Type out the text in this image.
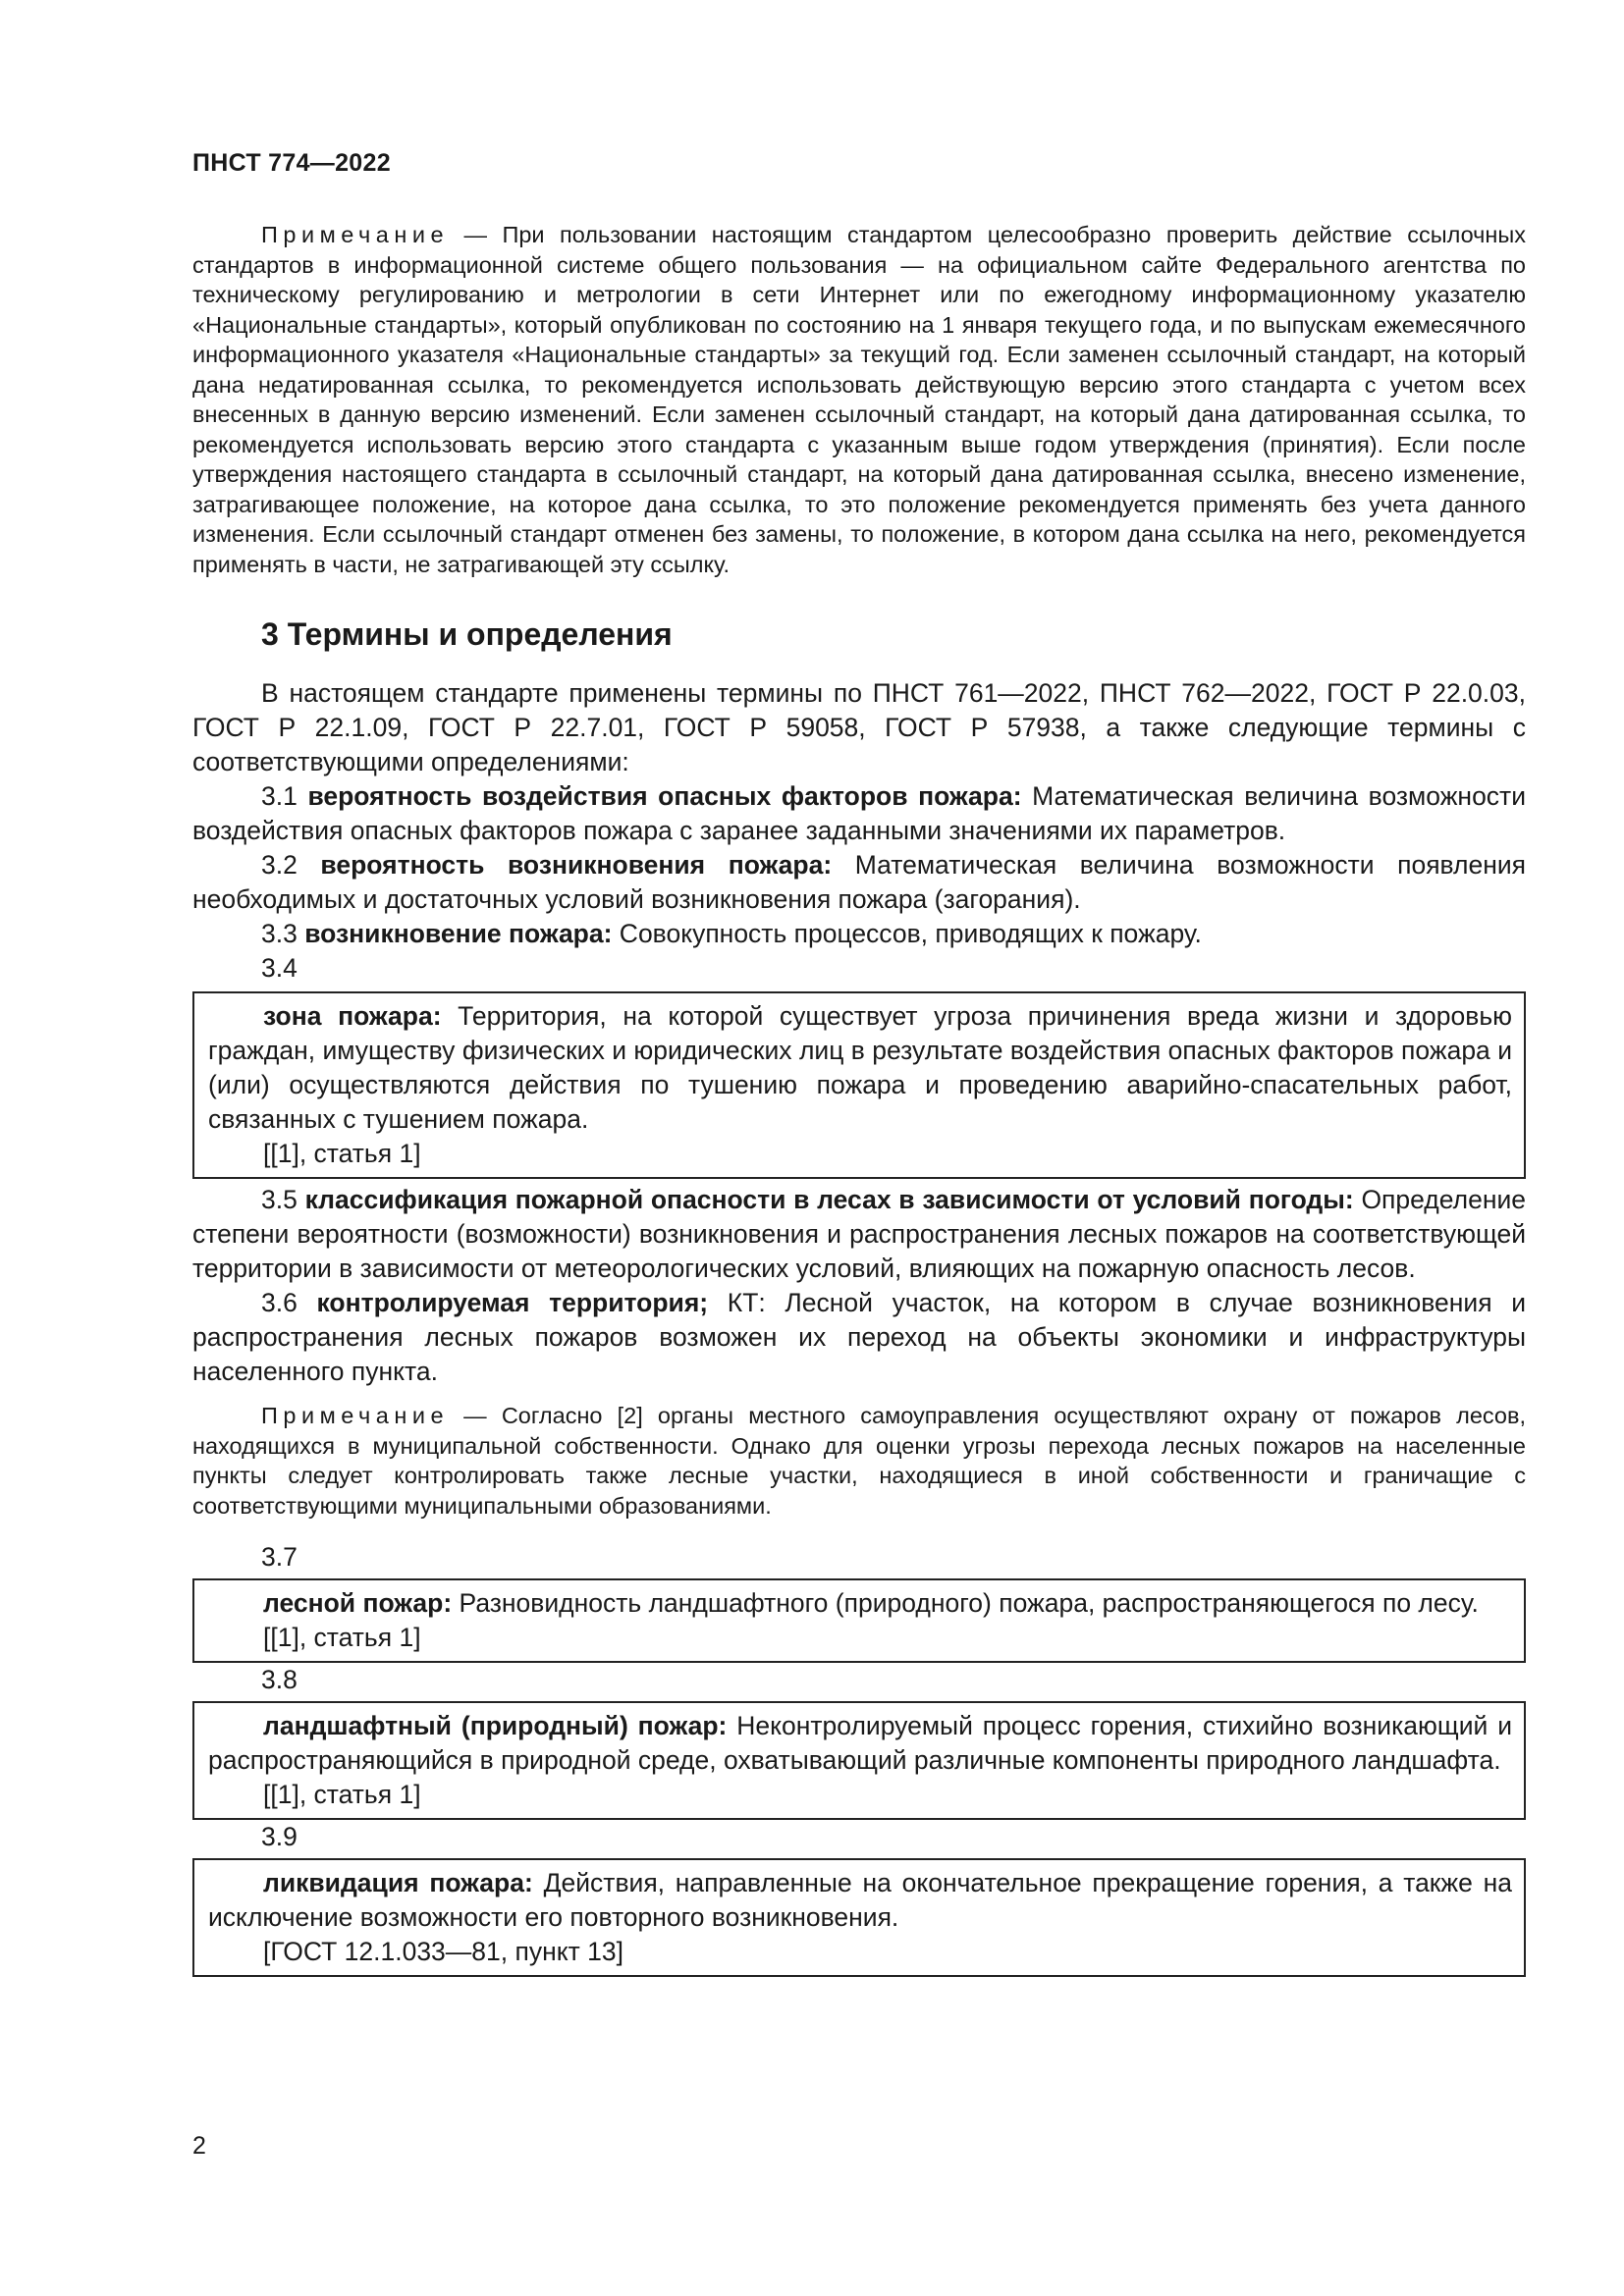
ПНСТ 774—2022

Примечание — При пользовании настоящим стандартом целесообразно проверить действие ссылочных стандартов в информационной системе общего пользования — на официальном сайте Федерального агентства по техническому регулированию и метрологии в сети Интернет или по ежегодному информационному указателю «Национальные стандарты», который опубликован по состоянию на 1 января текущего года, и по выпускам ежемесячного информационного указателя «Национальные стандарты» за текущий год. Если заменен ссылочный стандарт, на который дана недатированная ссылка, то рекомендуется использовать действующую версию этого стандарта с учетом всех внесенных в данную версию изменений. Если заменен ссылочный стандарт, на который дана датированная ссылка, то рекомендуется использовать версию этого стандарта с указанным выше годом утверждения (принятия). Если после утверждения настоящего стандарта в ссылочный стандарт, на который дана датированная ссылка, внесено изменение, затрагивающее положение, на которое дана ссылка, то это положение рекомендуется применять без учета данного изменения. Если ссылочный стандарт отменен без замены, то положение, в котором дана ссылка на него, рекомендуется применять в части, не затрагивающей эту ссылку.

3 Термины и определения

В настоящем стандарте применены термины по ПНСТ 761—2022, ПНСТ 762—2022, ГОСТ Р 22.0.03, ГОСТ Р 22.1.09, ГОСТ Р 22.7.01, ГОСТ Р 59058, ГОСТ Р 57938, а также следующие термины с соответствующими определениями:

3.1 вероятность воздействия опасных факторов пожара: Математическая величина возможности воздействия опасных факторов пожара с заранее заданными значениями их параметров.

3.2 вероятность возникновения пожара: Математическая величина возможности появления необходимых и достаточных условий возникновения пожара (загорания).

3.3 возникновение пожара: Совокупность процессов, приводящих к пожару.

3.4

зона пожара: Территория, на которой существует угроза причинения вреда жизни и здоровью граждан, имуществу физических и юридических лиц в результате воздействия опасных факторов пожара и (или) осуществляются действия по тушению пожара и проведению аварийно-спасательных работ, связанных с тушением пожара.

[[1], статья 1]

3.5 классификация пожарной опасности в лесах в зависимости от условий погоды: Определение степени вероятности (возможности) возникновения и распространения лесных пожаров на соответствующей территории в зависимости от метеорологических условий, влияющих на пожарную опасность лесов.

3.6 контролируемая территория; КТ: Лесной участок, на котором в случае возникновения и распространения лесных пожаров возможен их переход на объекты экономики и инфраструктуры населенного пункта.

Примечание — Согласно [2] органы местного самоуправления осуществляют охрану от пожаров лесов, находящихся в муниципальной собственности. Однако для оценки угрозы перехода лесных пожаров на населенные пункты следует контролировать также лесные участки, находящиеся в иной собственности и граничащие с соответствующими муниципальными образованиями.

3.7

лесной пожар: Разновидность ландшафтного (природного) пожара, распространяющегося по лесу.

[[1], статья 1]

3.8

ландшафтный (природный) пожар: Неконтролируемый процесс горения, стихийно возникающий и распространяющийся в природной среде, охватывающий различные компоненты природного ландшафта.

[[1], статья 1]

3.9

ликвидация пожара: Действия, направленные на окончательное прекращение горения, а также на исключение возможности его повторного возникновения.

[ГОСТ 12.1.033—81, пункт 13]

2
